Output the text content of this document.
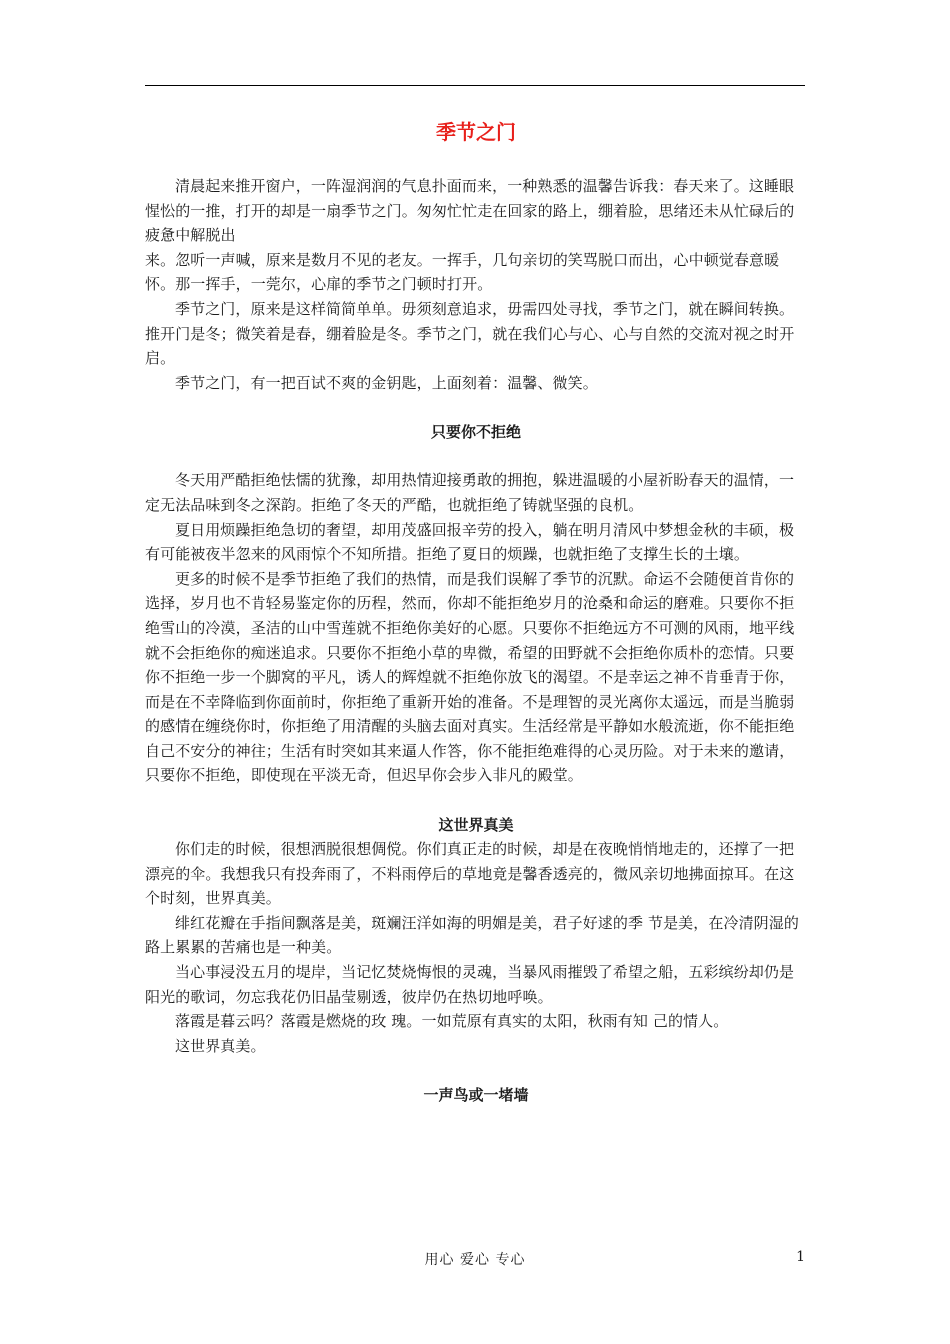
季节之门

清晨起来推开窗户，一阵湿润润的气息扑面而来，一种熟悉的温馨告诉我：春天来了。这睡眼惺忪的一推，打开的却是一扇季节之门。匆匆忙忙走在回家的路上，绷着脸，思绪还未从忙碌后的疲惫中解脱出

来。忽听一声喊，原来是数月不见的老友。一挥手，几句亲切的笑骂脱口而出，心中顿觉春意暖怀。那一挥手，一莞尔，心扉的季节之门顿时打开。

季节之门，原来是这样简简单单。毋须刻意追求，毋需四处寻找，季节之门，就在瞬间转换。推开门是冬；微笑着是春，绷着脸是冬。季节之门，就在我们心与心、心与自然的交流对视之时开启。

季节之门，有一把百试不爽的金钥匙，上面刻着：温馨、微笑。

只要你不拒绝

冬天用严酷拒绝怯懦的犹豫，却用热情迎接勇敢的拥抱，躲进温暖的小屋祈盼春天的温情，一定无法品味到冬之深韵。拒绝了冬天的严酷，也就拒绝了铸就坚强的良机。

夏日用烦躁拒绝急切的奢望，却用茂盛回报辛劳的投入，躺在明月清风中梦想金秋的丰硕，极有可能被夜半忽来的风雨惊个不知所措。拒绝了夏日的烦躁，也就拒绝了支撑生长的土壤。

更多的时候不是季节拒绝了我们的热情，而是我们误解了季节的沉默。命运不会随便首肯你的选择，岁月也不肯轻易鉴定你的历程，然而，你却不能拒绝岁月的沧桑和命运的磨难。只要你不拒绝雪山的冷漠，圣洁的山中雪莲就不拒绝你美好的心愿。只要你不拒绝远方不可测的风雨，地平线就不会拒绝你的痴迷追求。只要你不拒绝小草的卑微，希望的田野就不会拒绝你质朴的恋情。只要你不拒绝一步一个脚窝的平凡，诱人的辉煌就不拒绝你放飞的渴望。不是幸运之神不肯垂青于你，而是在不幸降临到你面前时，你拒绝了重新开始的准备。不是理智的灵光离你太遥远，而是当脆弱的感情在缠绕你时，你拒绝了用清醒的头脑去面对真实。生活经常是平静如水般流逝，你不能拒绝自己不安分的神往；生活有时突如其来逼人作答，你不能拒绝难得的心灵历险。对于未来的邀请，只要你不拒绝，即使现在平淡无奇，但迟早你会步入非凡的殿堂。

这世界真美

你们走的时候，很想洒脱很想倜傥。你们真正走的时候，却是在夜晚悄悄地走的，还撑了一把漂亮的伞。我想我只有投奔雨了，不料雨停后的草地竟是馨香透亮的，微风亲切地拂面掠耳。在这个时刻，世界真美。

绯红花瓣在手指间飘落是美，斑斓汪洋如海的明媚是美，君子好逑的季 节是美，在冷清阴湿的路上累累的苦痛也是一种美。

当心事浸没五月的堤岸，当记忆焚烧悔恨的灵魂，当暴风雨摧毁了希望之船，五彩缤纷却仍是阳光的歌词，勿忘我花仍旧晶莹剔透，彼岸仍在热切地呼唤。

落霞是暮云吗？落霞是燃烧的玫 瑰。一如荒原有真实的太阳，秋雨有知 己的情人。

这世界真美。

一声鸟或一堵墙
用心 爱心 专心	1
